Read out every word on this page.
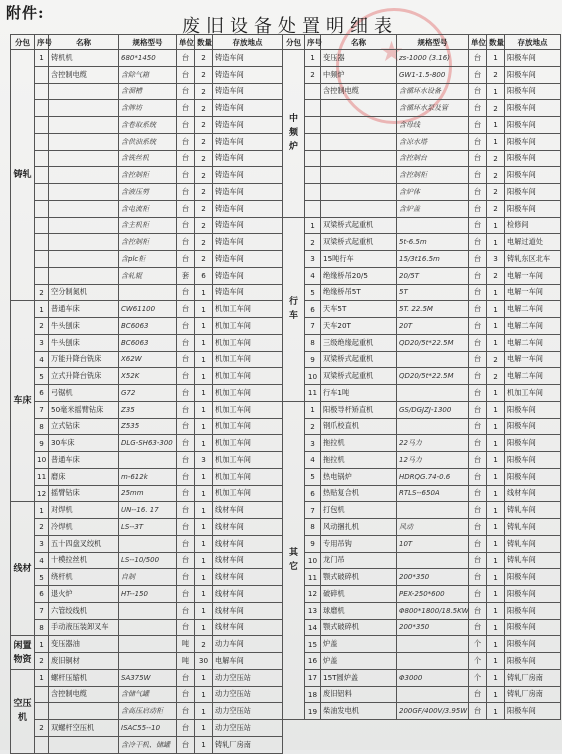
★
附件:
废旧设备处置明细表
分包	序号	名称	规格型号	单位	数量	存放地点
铸轧	1	铸机机	680*1450	台	2	铸造车间
		含控制电缆	含除气箱	台	2	铸造车间
			含溜槽	台	2	铸造车间
			含牌坊	台	2	铸造车间
			含卷取系统	台	2	铸造车间
			含供油系统	台	2	铸造车间
			含铣丝机	台	2	铸造车间
			含控制柜	台	2	铸造车间
			含液压剪	台	2	铸造车间
			含电流柜	台	2	铸造车间
			含主机柜	台	2	铸造车间
			含控制柜	台	2	铸造车间
			含plc柜	台	2	铸造车间
			含轧辊	套	6	铸造车间
	2	空分制氮机		台	1	铸造车间
车床	1	普通车床	CW61100	台	1	机加工车间
	2	牛头刨床	BC6063	台	1	机加工车间
	3	牛头刨床	BC6063	台	1	机加工车间
	4	万能升降台铣床	X62W	台	1	机加工车间
	5	立式升降台铣床	X52K	台	1	机加工车间
	6	弓锯机	G72	台	1	机加工车间
	7	50毫米摇臂钻床	Z35	台	1	机加工车间
	8	立式钻床	Z535	台	1	机加工车间
	9	30车床	DLG-SH63-300	台	1	机加工车间
	10	普通车床		台	3	机加工车间
	11	磨床	m-612k	台	1	机加工车间
	12	摇臂钻床	25mm	台	1	机加工车间
线材	1	对焊机	UN--16. 17	台	1	线材车间
	2	冷焊机	LS--3T	台	1	线材车间
	3	五十四盘叉绞机		台	1	线材车间
	4	十模拉丝机	LS--10/500	台	1	线材车间
	5	绕杆机	自制	台	1	线材车间
	6	退火炉	HT--150	台	1	线材车间
	7	六管绞线机		台	1	线材车间
	8	手动液压装卸叉车		台	1	线材车间
闲置物资	1	变压器油		吨	2	动力车间
	2	废旧铜材		吨	30	电解车间
空压机	1	螺杆压缩机	SA375W	台	1	动力空压站
		含控制电缆	含储气罐	台	1	动力空压站
			含高压启动柜	台	1	动力空压站
	2	双螺杆空压机	ISAC55--10	台	1	动力空压站
			含冷干机、储罐	台	1	铸轧厂房南
分包	序号	名称	规格型号	单位	数量	存放地点
中频炉	1	变压器	zs-1000 (3.16)	台	1	阳极车间
	2	中频炉	GW1-1.5-800	台	2	阳极车间
		含控制电缆	含循环水设备	台	1	阳极车间
			含循环水泵及管	台	2	阳极车间
			含母线	台	1	阳极车间
			含凉水塔	台	1	阳极车间
			含控制台	台	2	阳极车间
			含控制柜	台	2	阳极车间
			含炉体	台	2	阳极车间
			含炉盖	台	2	阳极车间
行车	1	双梁桥式起重机		台	1	检修间
	2	双梁桥式起重机	5t-6.5m	台	1	电解过道处
	3	15吨行车	15/3t16.5m	台	3	铸轧东区北车
	4	绝缘桥吊20/5	20/5T	台	2	电解一车间
	5	绝缘桥吊5T	5T	台	1	电解一车间
	6	天车5T	5T. 22.5M	台	1	电解二车间
	7	天车20T	20T	台	1	电解二车间
	8	三级绝缘起重机	QD20/5t*22.5M	台	1	电解二车间
	9	双梁桥式起重机		台	2	电解一车间
	10	双梁桥式起重机	QD20/5t*22.5M	台	2	电解二车间
	11	行车1吨		台	1	机加工车间
其它	1	阳极导杆矫直机	GS/DGJZJ-1300	台	1	阳极车间
	2	钢爪校直机		台	1	阳极车间
	3	拖拉机	22马力	台	1	阳极车间
	4	拖拉机	12马力	台	1	阳极车间
	5	热电锅炉	HDRQG.74-0.6	台	1	阳极车间
	6	热贴复合机	RTLS--650A	台	1	线材车间
	7	打包机		台	1	铸轧车间
	8	风动捆扎机	风动	台	1	铸轧车间
	9	专用吊钩	10T	台	1	铸轧车间
	10	龙门吊		台	1	铸轧车间
	11	颚式破碎机	200*350	台	1	阳极车间
	12	破碎机	PEX-250*600	台	1	阳极车间
	13	球磨机	Φ800*1800/18.5KW	台	1	阳极车间
	14	颚式破碎机	200*350	台	1	阳极车间
	15	炉盖		个	1	阳极车间
	16	炉盖		个	1	阳极车间
	17	15T圆炉盖	Φ3000	个	1	铸轧厂房南
	18	废旧铝料		台	1	铸轧厂房南
	19	柴油发电机	200GF/400V/3.95W	台	1	阳极车间
